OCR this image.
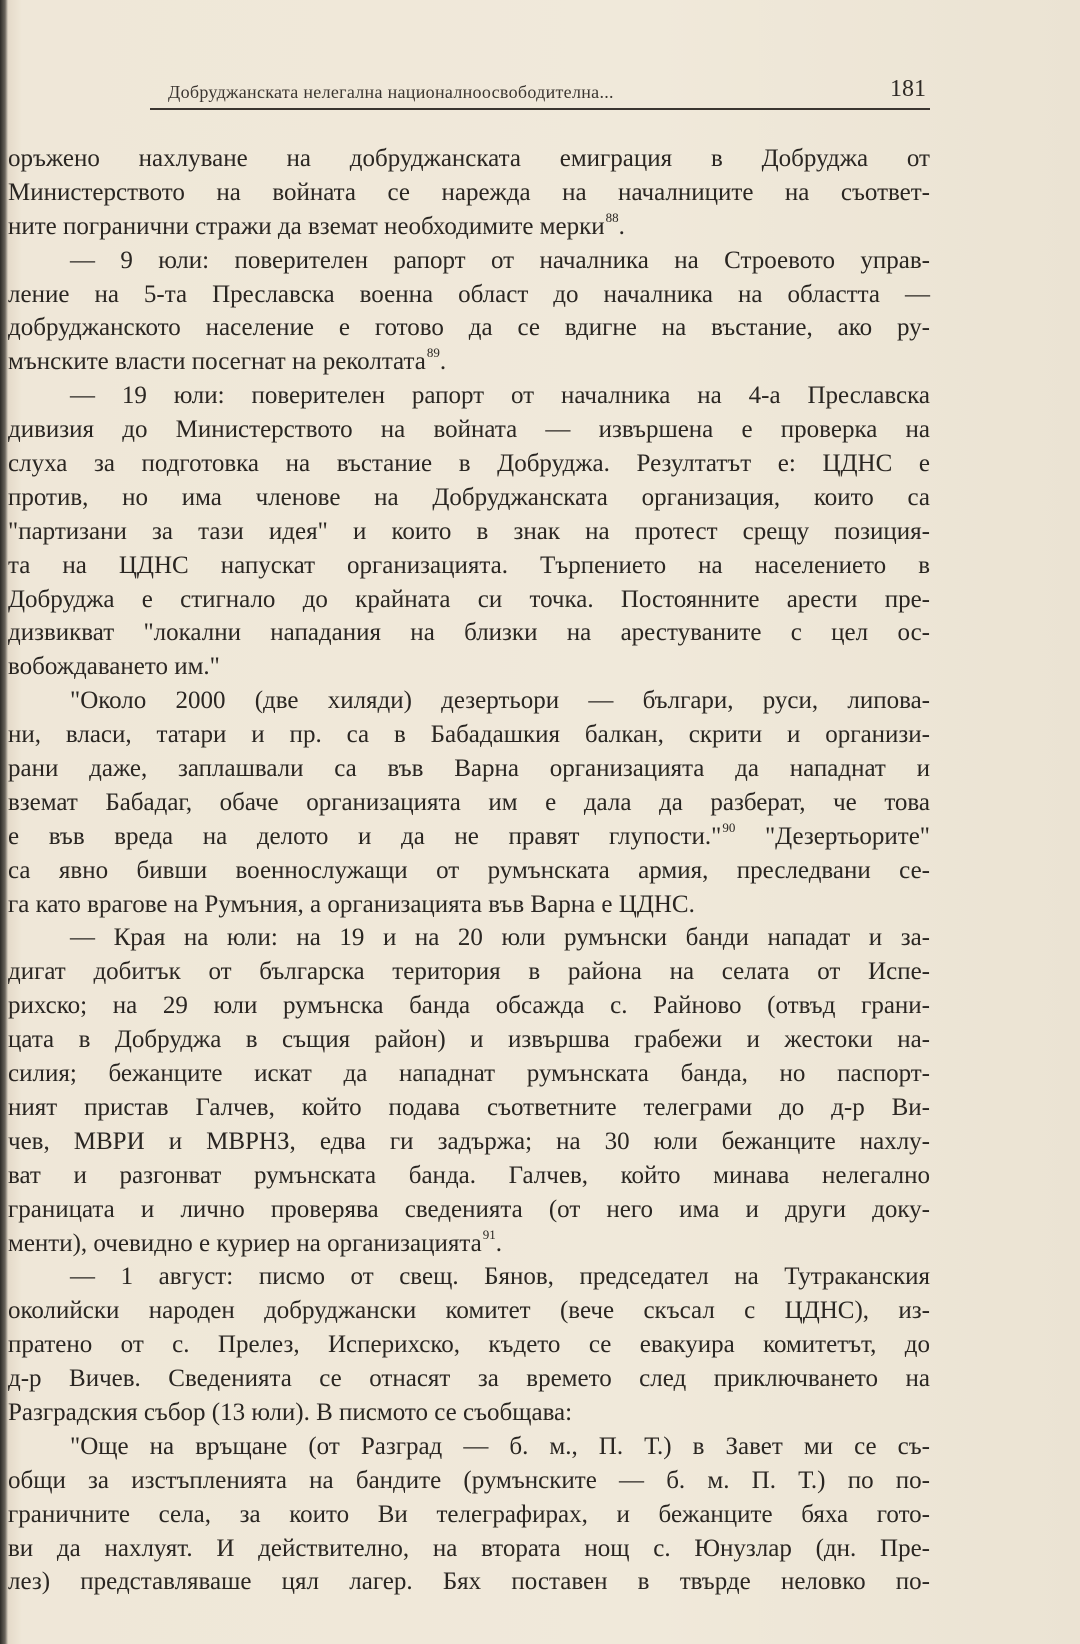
Добруджанската нелегална националноосвободителна...	181
оръжено нахлуване на добруджанската емиграция в Добруджа от
Министерството на войната се нарежда на началниците на съответ-
ните погранични стражи да вземат необходимите мерки$^{88}$.
— 9 юли: поверителен рапорт от началника на Строевото управ-
ление на 5-та Преславска военна област до началника на областта —
добруджанското население е готово да се вдигне на въстание, ако ру-
мънските власти посегнат на реколтата$^{89}$.
— 19 юли: поверителен рапорт от началника на 4-а Преславска
дивизия до Министерството на войната — извършена е проверка на
слуха за подготовка на въстание в Добруджа. Резултатът е: ЦДНС е
против, но има членове на Добруджанската организация, които са
"партизани за тази идея" и които в знак на протест срещу позиция-
та на ЦДНС напускат организацията. Търпението на населението в
Добруджа е стигнало до крайната си точка. Постоянните арести пре-
дизвикват "локални нападания на близки на арестуваните с цел ос-
вобождаването им."
"Около 2000 (две хиляди) дезертьори — българи, руси, липова-
ни, власи, татари и пр. са в Бабадашкия балкан, скрити и организи-
рани даже, заплашвали са във Варна организацията да нападнат и
вземат Бабадаг, обаче организацията им е дала да разберат, че това
е във вреда на делото и да не правят глупости."$^{90}$ "Дезертьорите"
са явно бивши военнослужащи от румънската армия, преследвани се-
га като врагове на Румъния, а организацията във Варна е ЦДНС.
— Края на юли: на 19 и на 20 юли румънски банди нападат и за-
дигат добитък от българска територия в района на селата от Испе-
рихско; на 29 юли румънска банда обсажда с. Райново (отвъд грани-
цата в Добруджа в същия район) и извършва грабежи и жестоки на-
силия; бежанците искат да нападнат румънската банда, но паспорт-
ният пристав Галчев, който подава съответните телеграми до д-р Ви-
чев, МВРИ и МВРНЗ, едва ги задържа; на 30 юли бежанците нахлу-
ват и разгонват румънската банда. Галчев, който минава нелегално
границата и лично проверява сведенията (от него има и други доку-
менти), очевидно е куриер на организацията$^{91}$.
— 1 август: писмо от свещ. Бянов, председател на Тутраканския
околийски народен добруджански комитет (вече скъсал с ЦДНС), из-
пратено от с. Прелез, Исперихско, където се евакуира комитетът, до
д-р Вичев. Сведенията се отнасят за времето след приключването на
Разградския събор (13 юли). В писмото се съобщава:
"Още на връщане (от Разград — б. м., П. Т.) в Завет ми се съ-
общи за изстъпленията на бандите (румънските — б. м. П. Т.) по по-
граничните села, за които Ви телеграфирах, и бежанците бяха гото-
ви да нахлуят. И действително, на втората нощ с. Юнузлар (дн. Пре-
лез) представляваше цял лагер. Бях поставен в твърде неловко по-
